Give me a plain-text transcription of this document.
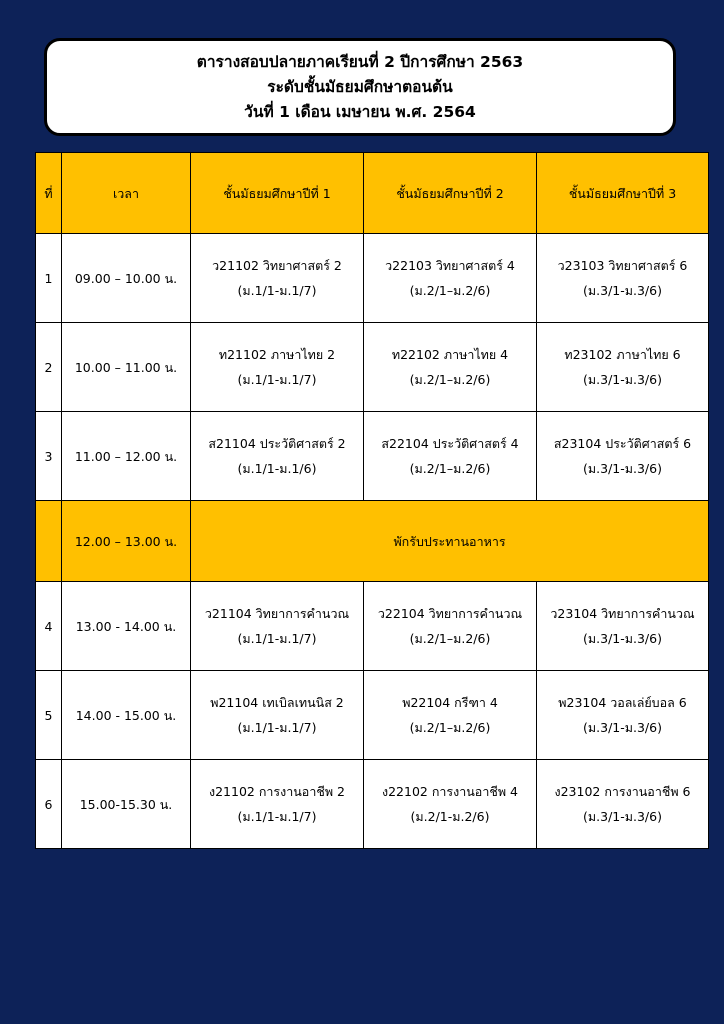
ตารางสอบปลายภาคเรียนที่ 2 ปีการศึกษา 2563
ระดับชั้นมัธยมศึกษาตอนต้น
วันที่ 1 เดือน เมษายน พ.ศ. 2564
ที่	เวลา	ชั้นมัธยมศึกษาปีที่ 1	ชั้นมัธยมศึกษาปีที่ 2	ชั้นมัธยมศึกษาปีที่ 3
1	09.00 – 10.00 น.	ว21102 วิทยาศาสตร์ 2
(ม.1/1-ม.1/7)	ว22103 วิทยาศาสตร์ 4
(ม.2/1–ม.2/6)	ว23103 วิทยาศาสตร์ 6
(ม.3/1-ม.3/6)

2	10.00 – 11.00 น.	ท21102 ภาษาไทย 2
(ม.1/1-ม.1/7)	ท22102 ภาษาไทย 4
(ม.2/1–ม.2/6)	ท23102 ภาษาไทย 6
(ม.3/1-ม.3/6)

3	11.00 – 12.00 น.	ส21104 ประวัติศาสตร์ 2
(ม.1/1-ม.1/6)	ส22104 ประวัติศาสตร์ 4
(ม.2/1–ม.2/6)	ส23104 ประวัติศาสตร์ 6
(ม.3/1-ม.3/6)

	12.00 – 13.00 น.	พักรับประทานอาหาร		
4	13.00 - 14.00 น.	ว21104 วิทยาการคำนวณ
(ม.1/1-ม.1/7)	ว22104 วิทยาการคำนวณ
(ม.2/1–ม.2/6)	ว23104 วิทยาการคำนวณ
(ม.3/1-ม.3/6)

5	14.00 - 15.00 น.	พ21104 เทเบิลเทนนิส 2
(ม.1/1-ม.1/7)	พ22104 กรีฑา 4
(ม.2/1–ม.2/6)	พ23104 วอลเล่ย์บอล 6
(ม.3/1-ม.3/6)

6	15.00-15.30 น.	ง21102 การงานอาชีพ 2
(ม.1/1-ม.1/7)	ง22102 การงานอาชีพ 4
(ม.2/1-ม.2/6)	ง23102 การงานอาชีพ 6
(ม.3/1-ม.3/6)
